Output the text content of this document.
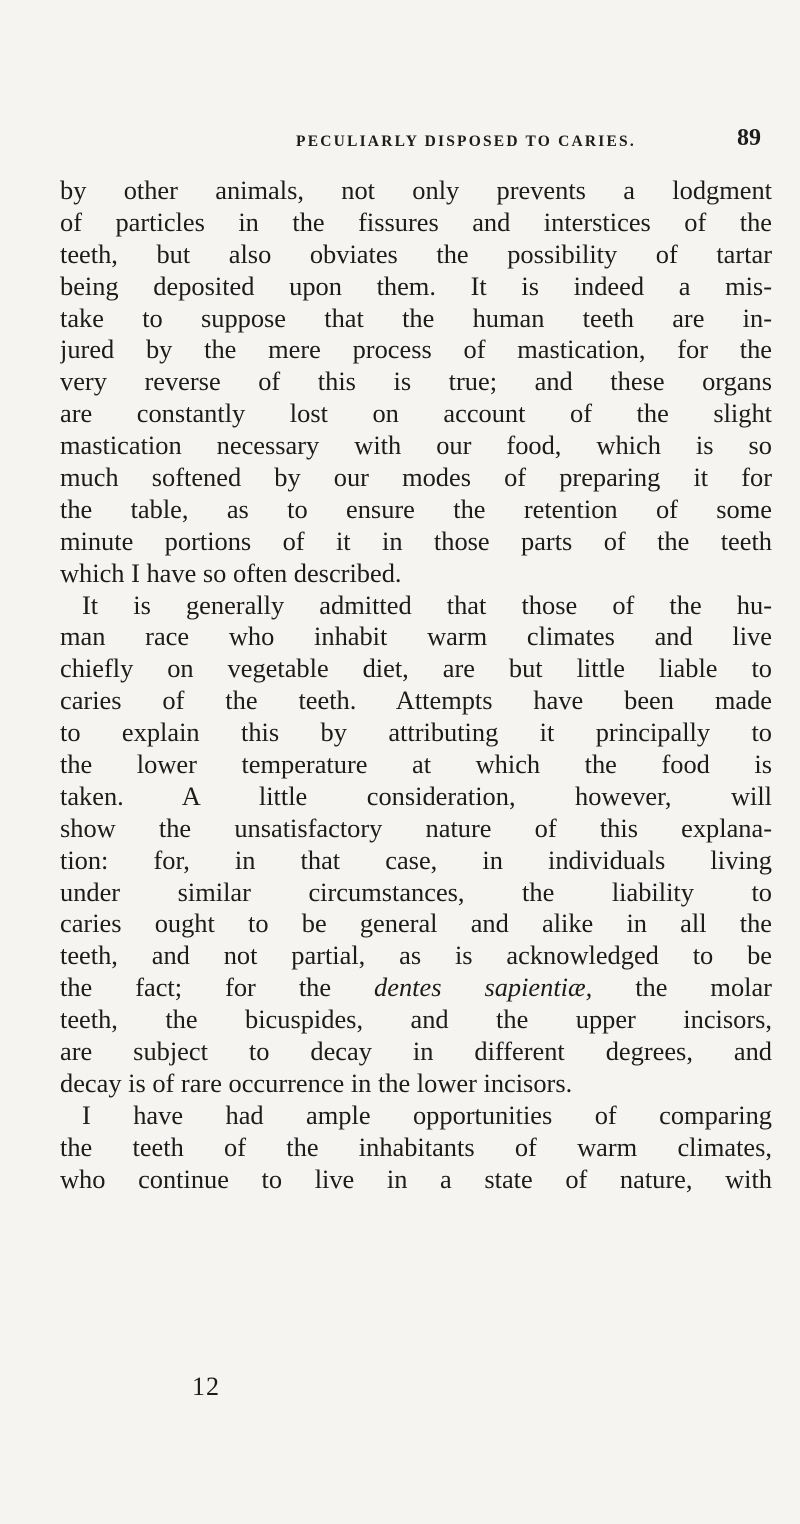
PECULIARLY DISPOSED TO CARIES.	89
by other animals, not only prevents a lodgment
of particles in the fissures and interstices of the
teeth, but also obviates the possibility of tartar
being deposited upon them. It is indeed a mis-
take to suppose that the human teeth are in-
jured by the mere process of mastication, for the
very reverse of this is true; and these organs
are constantly lost on account of the slight
mastication necessary with our food, which is so
much softened by our modes of preparing it for
the table, as to ensure the retention of some
minute portions of it in those parts of the teeth
which I have so often described.
It is generally admitted that those of the hu-
man race who inhabit warm climates and live
chiefly on vegetable diet, are but little liable to
caries of the teeth. Attempts have been made
to explain this by attributing it principally to
the lower temperature at which the food is
taken. A little consideration, however, will
show the unsatisfactory nature of this explana-
tion: for, in that case, in individuals living
under similar circumstances, the liability to
caries ought to be general and alike in all the
teeth, and not partial, as is acknowledged to be
the fact; for the dentes sapientiæ, the molar
teeth, the bicuspides, and the upper incisors,
are subject to decay in different degrees, and
decay is of rare occurrence in the lower incisors.
I have had ample opportunities of comparing
the teeth of the inhabitants of warm climates,
who continue to live in a state of nature, with
12
